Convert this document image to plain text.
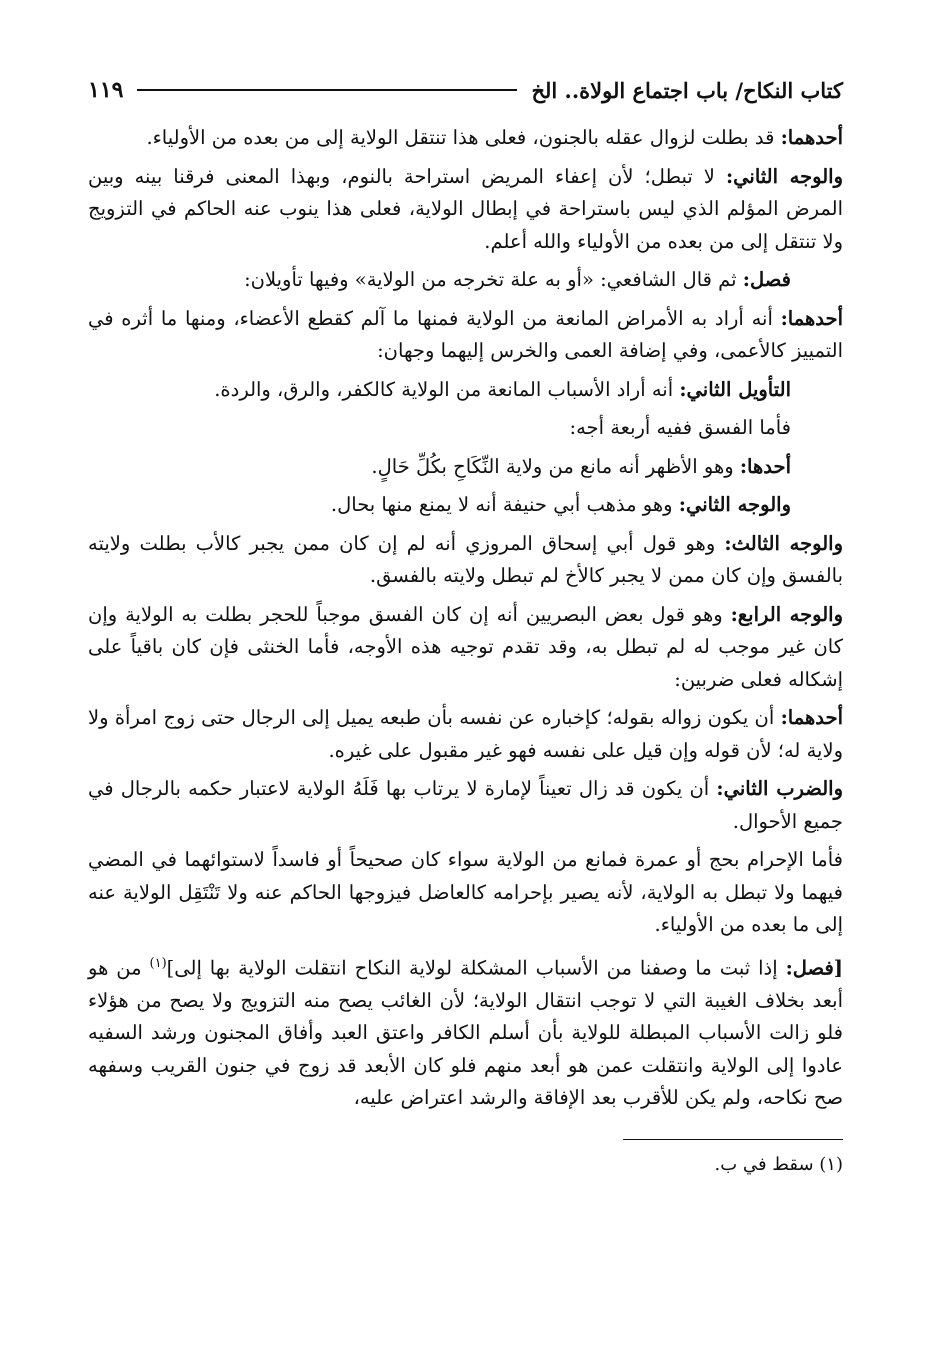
كتاب النكاح/ باب اجتماع الولاة.. الخ
١١٩

أحدهما: قد بطلت لزوال عقله بالجنون، فعلى هذا تنتقل الولاية إلى من بعده من الأولياء.

والوجه الثاني: لا تبطل؛ لأن إعفاء المريض استراحة بالنوم، وبهذا المعنى فرقنا بينه وبين المرض المؤلم الذي ليس باستراحة في إبطال الولاية، فعلى هذا ينوب عنه الحاكم في التزويج ولا تنتقل إلى من بعده من الأولياء والله أعلم.

فصل: ثم قال الشافعي: «أو به علة تخرجه من الولاية» وفيها تأويلان:

أحدهما: أنه أراد به الأمراض المانعة من الولاية فمنها ما آلم كقطع الأعضاء، ومنها ما أثره في التمييز كالأعمى، وفي إضافة العمى والخرس إليهما وجهان:

التأويل الثاني: أنه أراد الأسباب المانعة من الولاية كالكفر، والرق، والردة.

فأما الفسق ففيه أربعة أجه:

أحدها: وهو الأظهر أنه مانع من ولاية النِّكَاحِ بكُلِّ حَالٍ.

والوجه الثاني: وهو مذهب أبي حنيفة أنه لا يمنع منها بحال.

والوجه الثالث: وهو قول أبي إسحاق المروزي أنه لم إن كان ممن يجبر كالأب بطلت ولايته بالفسق وإن كان ممن لا يجبر كالأخ لم تبطل ولايته بالفسق.

والوجه الرابع: وهو قول بعض البصريين أنه إن كان الفسق موجباً للحجر بطلت به الولاية وإن كان غير موجب له لم تبطل به، وقد تقدم توجيه هذه الأوجه، فأما الخنثى فإن كان باقياً على إشكاله فعلى ضربين:

أحدهما: أن يكون زواله بقوله؛ كإخباره عن نفسه بأن طبعه يميل إلى الرجال حتى زوج امرأة ولا ولاية له؛ لأن قوله وإن قيل على نفسه فهو غير مقبول على غيره.

والضرب الثاني: أن يكون قد زال تعيناً لإمارة لا يرتاب بها فَلَهُ الولاية لاعتبار حكمه بالرجال في جميع الأحوال.

فأما الإحرام بحج أو عمرة فمانع من الولاية سواء كان صحيحاً أو فاسداً لاستوائهما في المضي فيهما ولا تبطل به الولاية، لأنه يصير بإحرامه كالعاضل فيزوجها الحاكم عنه ولا تَنْتَقِل الولاية عنه إلى ما بعده من الأولياء.

[فصل: إذا ثبت ما وصفنا من الأسباب المشكلة لولاية النكاح انتقلت الولاية بها إلى]$^{(١)}$ من هو أبعد بخلاف الغيبة التي لا توجب انتقال الولاية؛ لأن الغائب يصح منه التزويج ولا يصح من هؤلاء فلو زالت الأسباب المبطلة للولاية بأن أسلم الكافر واعتق العبد وأفاق المجنون ورشد السفيه عادوا إلى الولاية وانتقلت عمن هو أبعد منهم فلو كان الأبعد قد زوج في جنون القريب وسفهه صح نكاحه، ولم يكن للأقرب بعد الإفاقة والرشد اعتراض عليه،

(١) سقط في ب.
